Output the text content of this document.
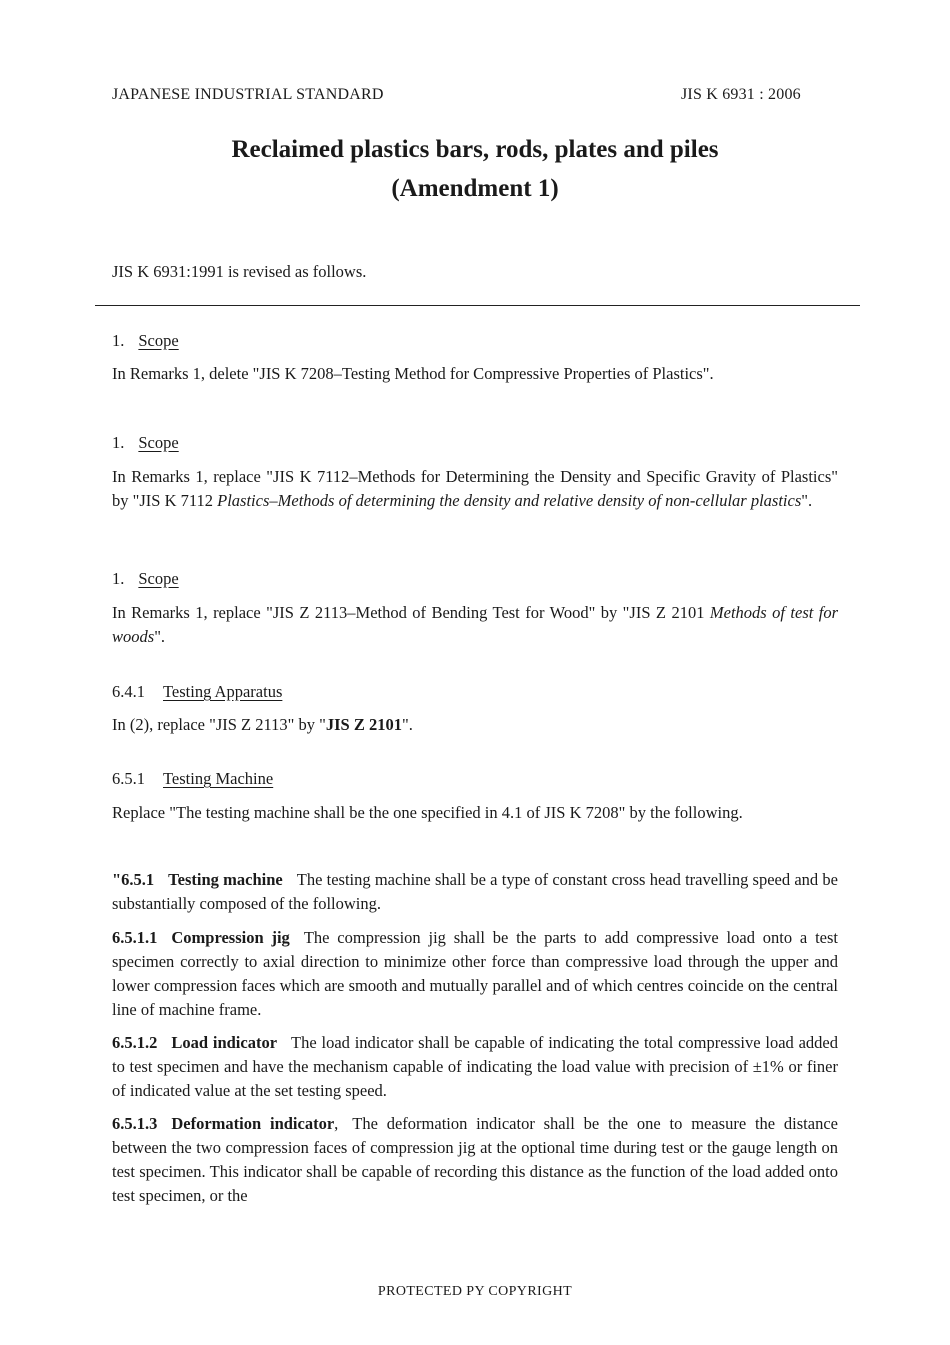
JAPANESE INDUSTRIAL STANDARD	JIS K 6931 : 2006
Reclaimed plastics bars, rods, plates and piles
(Amendment 1)
JIS K 6931:1991 is revised as follows.
1. Scope
In Remarks 1, delete "JIS K 7208–Testing Method for Compressive Properties of Plastics".
1. Scope
In Remarks 1, replace "JIS K 7112–Methods for Determining the Density and Specific Gravity of Plastics" by "JIS K 7112 Plastics–Methods of determining the density and relative density of non-cellular plastics".
1. Scope
In Remarks 1, replace "JIS Z 2113–Method of Bending Test for Wood" by "JIS Z 2101 Methods of test for woods".
6.4.1 Testing Apparatus
In (2), replace "JIS Z 2113" by "JIS Z 2101".
6.5.1 Testing Machine
Replace "The testing machine shall be the one specified in 4.1 of JIS K 7208" by the following.
"6.5.1 Testing machine The testing machine shall be a type of constant cross head travelling speed and be substantially composed of the following.
6.5.1.1 Compression jig The compression jig shall be the parts to add compressive load onto a test specimen correctly to axial direction to minimize other force than compressive load through the upper and lower compression faces which are smooth and mutually parallel and of which centres coincide on the central line of machine frame.
6.5.1.2 Load indicator The load indicator shall be capable of indicating the total compressive load added to test specimen and have the mechanism capable of indicating the load value with precision of ±1% or finer of indicated value at the set testing speed.
6.5.1.3 Deformation indicator, The deformation indicator shall be the one to measure the distance between the two compression faces of compression jig at the optional time during test or the gauge length on test specimen. This indicator shall be capable of recording this distance as the function of the load added onto test specimen, or the
PROTECTED PY COPYRIGHT
